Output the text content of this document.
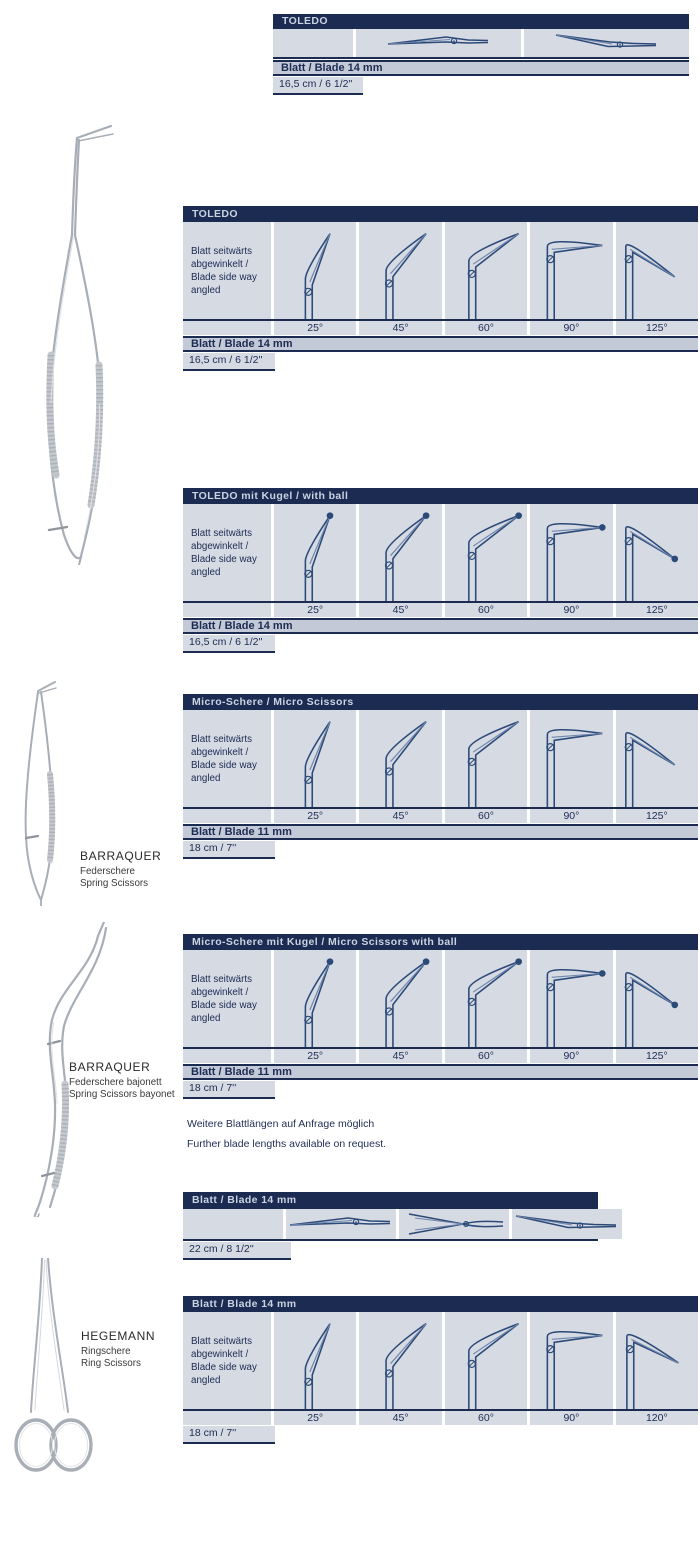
BARRAQUER
Federschere
Spring Scissors
BARRAQUER
Federschere bajonett
Spring Scissors bayonet
HEGEMANN
Ringschere
Ring Scissors
Weitere Blattlängen auf Anfrage möglich
Further blade lengths available on request.
TOLEDO
Blatt / Blade 14 mm
16,5 cm / 6 1/2"
TOLEDO
Blatt seitwärts
abgewinkelt /
Blade side way
angled
25°	45°	60°	90°	125°
Blatt / Blade 14 mm
16,5 cm / 6 1/2''
TOLEDO mit Kugel / with ball
Blatt seitwärts
abgewinkelt /
Blade side way
angled
25°	45°	60°	90°	125°
Blatt / Blade 14 mm
16,5 cm / 6 1/2''
Micro-Schere / Micro Scissors
Blatt seitwärts
abgewinkelt /
Blade side way
angled
25°	45°	60°	90°	125°
Blatt / Blade 11 mm
18 cm / 7''
Micro-Schere mit Kugel / Micro Scissors with ball
Blatt seitwärts
abgewinkelt /
Blade side way
angled
25°	45°	60°	90°	125°
Blatt / Blade 11 mm
18 cm / 7''
Blatt / Blade 14 mm
22 cm / 8 1/2''
Blatt / Blade 14 mm
Blatt seitwärts
abgewinkelt /
Blade side way
angled
25°	45°	60°	90°	120°
18 cm / 7''
